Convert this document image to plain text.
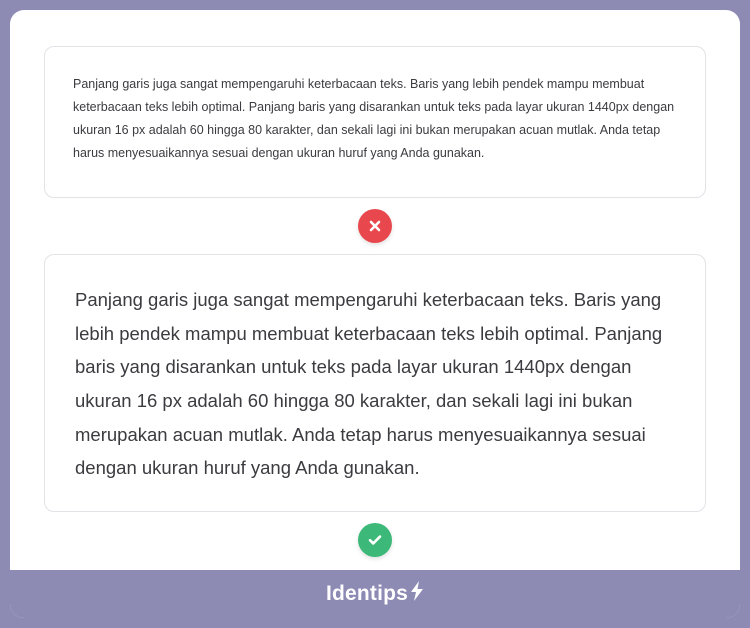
Panjang garis juga sangat mempengaruhi keterbacaan teks. Baris yang lebih pendek mampu membuat keterbacaan teks lebih optimal. Panjang baris yang disarankan untuk teks pada layar ukuran 1440px dengan ukuran 16 px adalah 60 hingga 80 karakter, dan sekali lagi ini bukan merupakan acuan mutlak. Anda tetap harus menyesuaikannya sesuai dengan ukuran huruf yang Anda gunakan.

Panjang garis juga sangat mempengaruhi keterbacaan teks. Baris yang lebih pendek mampu membuat keterbacaan teks lebih optimal. Panjang baris yang disarankan untuk teks pada layar ukuran 1440px dengan ukuran 16 px adalah 60 hingga 80 karakter, dan sekali lagi ini bukan merupakan acuan mutlak. Anda tetap harus menyesuaikannya sesuai dengan ukuran huruf yang Anda gunakan.

Identips
